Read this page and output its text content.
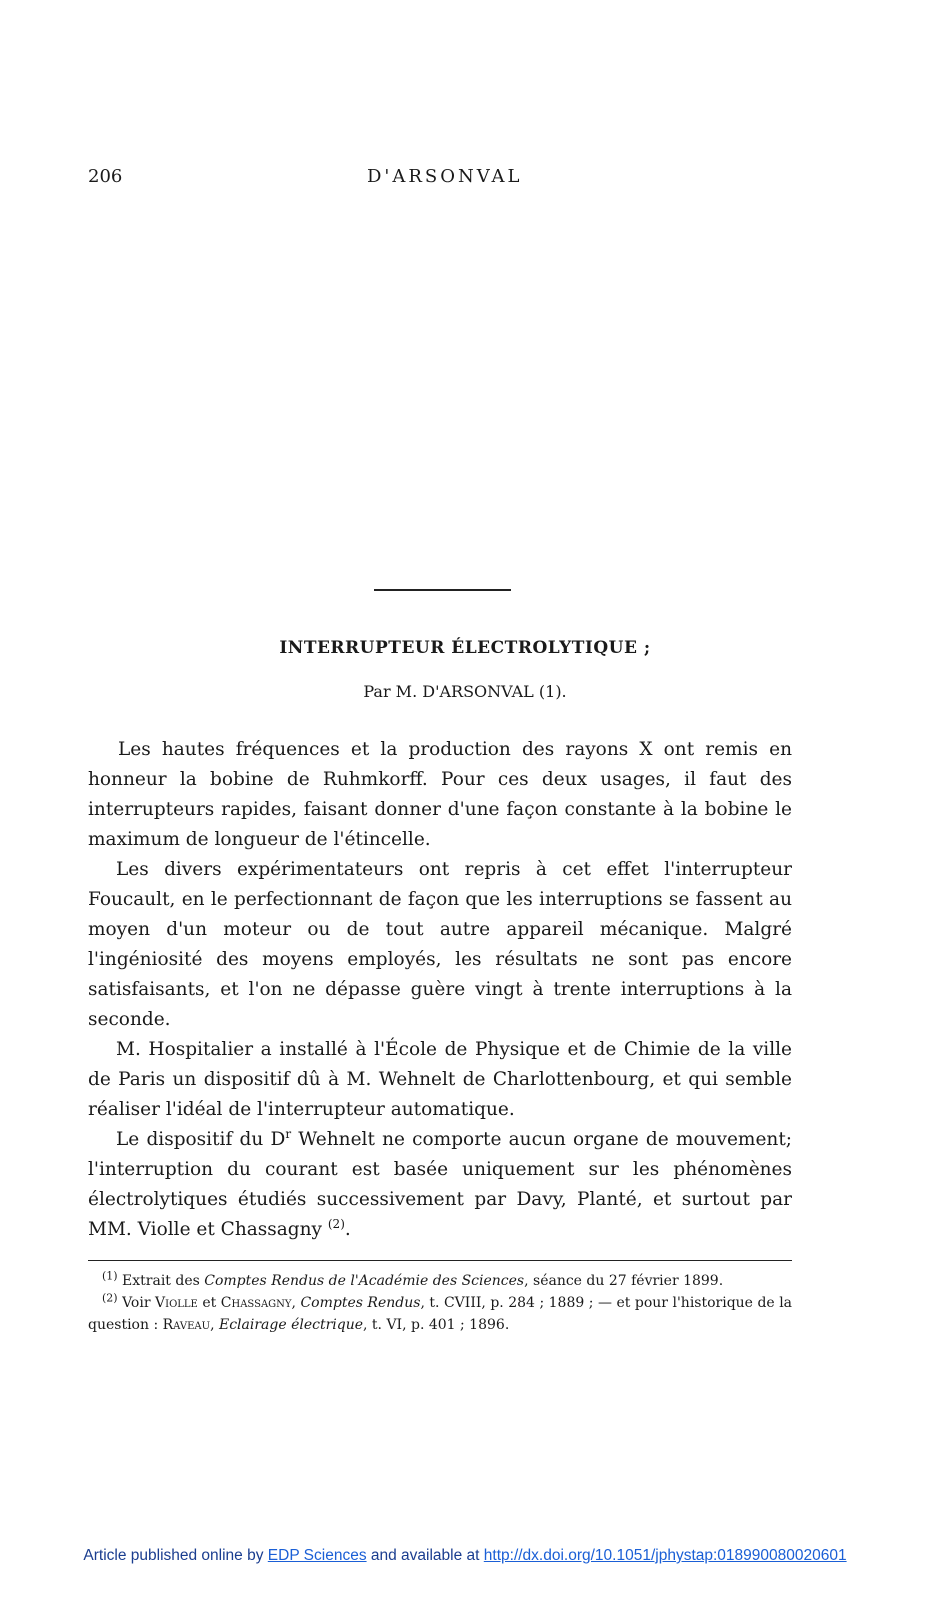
206	D'ARSONVAL
INTERRUPTEUR ÉLECTROLYTIQUE ;
Par M. D'ARSONVAL (1).

Les hautes fréquences et la production des rayons X ont remis en honneur la bobine de Ruhmkorff. Pour ces deux usages, il faut des interrupteurs rapides, faisant donner d'une façon constante à la bobine le maximum de longueur de l'étincelle.

Les divers expérimentateurs ont repris à cet effet l'interrupteur Foucault, en le perfectionnant de façon que les interruptions se fassent au moyen d'un moteur ou de tout autre appareil mécanique. Malgré l'ingéniosité des moyens employés, les résultats ne sont pas encore satisfaisants, et l'on ne dépasse guère vingt à trente interruptions à la seconde.

M. Hospitalier a installé à l'École de Physique et de Chimie de la ville de Paris un dispositif dû à M. Wehnelt de Charlottenbourg, et qui semble réaliser l'idéal de l'interrupteur automatique.

Le dispositif du $D^r$ Wehnelt ne comporte aucun organe de mouvement; l'interruption du courant est basée uniquement sur les phénomènes électrolytiques étudiés successivement par Davy, Planté, et surtout par MM. Violle et Chassagny $^{(2)}$.

$^{(1)}$ Extrait des Comptes Rendus de l'Académie des Sciences, séance du 27 février 1899.

$^{(2)}$ Voir Violle et Chassagny, Comptes Rendus, t. CVIII, p. 284 ; 1889 ; — et pour l'historique de la question : Raveau, Eclairage électrique, t. VI, p. 401 ; 1896.

Article published online by EDP Sciences and available at http://dx.doi.org/10.1051/jphystap:018990080020601
